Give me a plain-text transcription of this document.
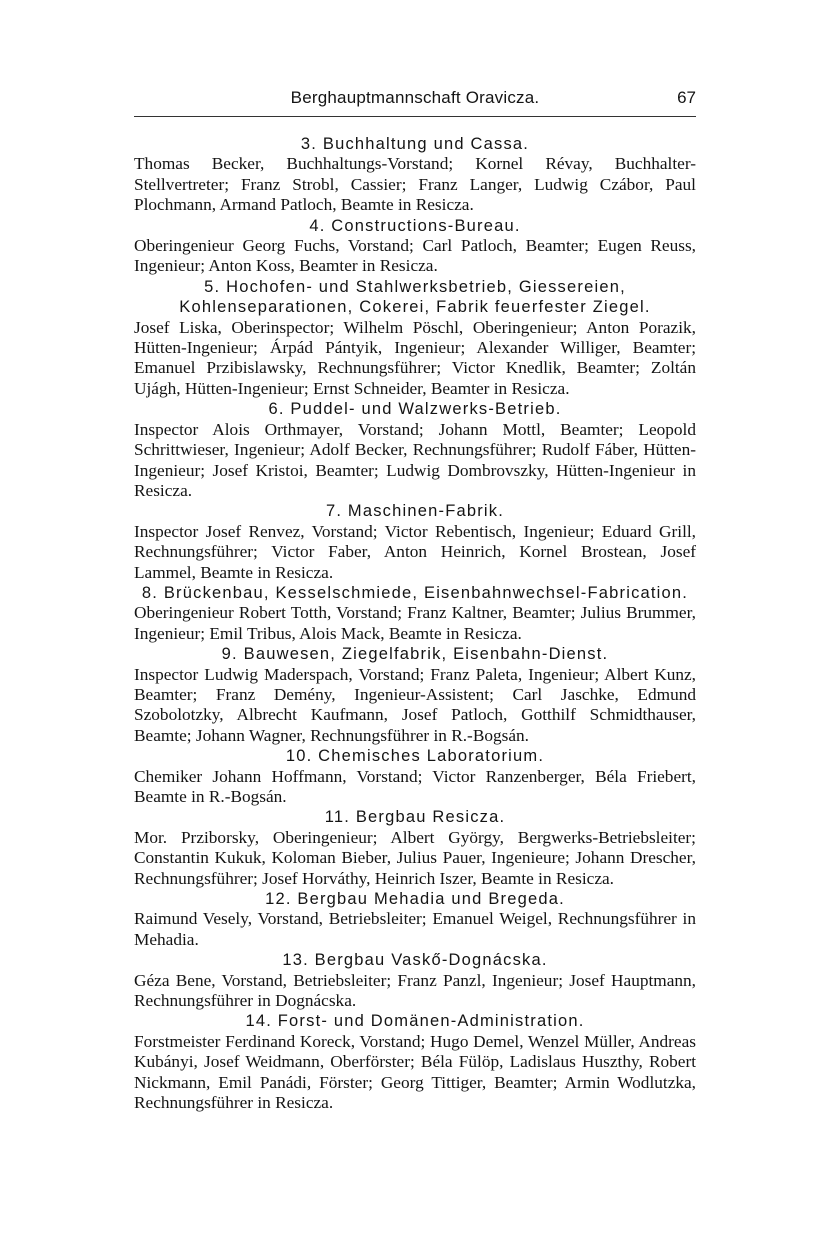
Berghauptmannschaft Oravicza.	67
3. Buchhaltung und Cassa.
Thomas Becker, Buchhaltungs-Vorstand; Kornel Révay, Buchhalter-Stellvertreter; Franz Strobl, Cassier; Franz Langer, Ludwig Czábor, Paul Plochmann, Armand Patloch, Beamte in Resicza.
4. Constructions-Bureau.
Oberingenieur Georg Fuchs, Vorstand; Carl Patloch, Beamter; Eugen Reuss, Ingenieur; Anton Koss, Beamter in Resicza.
5. Hochofen- und Stahlwerksbetrieb, Giessereien, Kohlenseparationen, Cokerei, Fabrik feuerfester Ziegel.
Josef Liska, Oberinspector; Wilhelm Pöschl, Oberingenieur; Anton Porazik, Hütten-Ingenieur; Árpád Pántyik, Ingenieur; Alexander Williger, Beamter; Emanuel Przibislawsky, Rechnungsführer; Victor Knedlik, Beamter; Zoltán Ujágh, Hütten-Ingenieur; Ernst Schneider, Beamter in Resicza.
6. Puddel- und Walzwerks-Betrieb.
Inspector Alois Orthmayer, Vorstand; Johann Mottl, Beamter; Leopold Schrittwieser, Ingenieur; Adolf Becker, Rechnungsführer; Rudolf Fáber, Hütten-Ingenieur; Josef Kristoi, Beamter; Ludwig Dombrovszky, Hütten-Ingenieur in Resicza.
7. Maschinen-Fabrik.
Inspector Josef Renvez, Vorstand; Victor Rebentisch, Ingenieur; Eduard Grill, Rechnungsführer; Victor Faber, Anton Heinrich, Kornel Brostean, Josef Lammel, Beamte in Resicza.
8. Brückenbau, Kesselschmiede, Eisenbahnwechsel-Fabrication.
Oberingenieur Robert Totth, Vorstand; Franz Kaltner, Beamter; Julius Brummer, Ingenieur; Emil Tribus, Alois Mack, Beamte in Resicza.
9. Bauwesen, Ziegelfabrik, Eisenbahn-Dienst.
Inspector Ludwig Maderspach, Vorstand; Franz Paleta, Ingenieur; Albert Kunz, Beamter; Franz Demény, Ingenieur-Assistent; Carl Jaschke, Edmund Szobolotzky, Albrecht Kaufmann, Josef Patloch, Gotthilf Schmidthauser, Beamte; Johann Wagner, Rechnungsführer in R.-Bogsán.
10. Chemisches Laboratorium.
Chemiker Johann Hoffmann, Vorstand; Victor Ranzenberger, Béla Friebert, Beamte in R.-Bogsán.
11. Bergbau Resicza.
Mor. Prziborsky, Oberingenieur; Albert György, Bergwerks-Betriebsleiter; Constantin Kukuk, Koloman Bieber, Julius Pauer, Ingenieure; Johann Drescher, Rechnungsführer; Josef Horváthy, Heinrich Iszer, Beamte in Resicza.
12. Bergbau Mehadia und Bregeda.
Raimund Vesely, Vorstand, Betriebsleiter; Emanuel Weigel, Rechnungsführer in Mehadia.
13. Bergbau Vaskő-Dognácska.
Géza Bene, Vorstand, Betriebsleiter; Franz Panzl, Ingenieur; Josef Hauptmann, Rechnungsführer in Dognácska.
14. Forst- und Domänen-Administration.
Forstmeister Ferdinand Koreck, Vorstand; Hugo Demel, Wenzel Müller, Andreas Kubányi, Josef Weidmann, Oberförster; Béla Fülöp, Ladislaus Huszthy, Robert Nickmann, Emil Panádi, Förster; Georg Tittiger, Beamter; Armin Wodlutzka, Rechnungsführer in Resicza.
